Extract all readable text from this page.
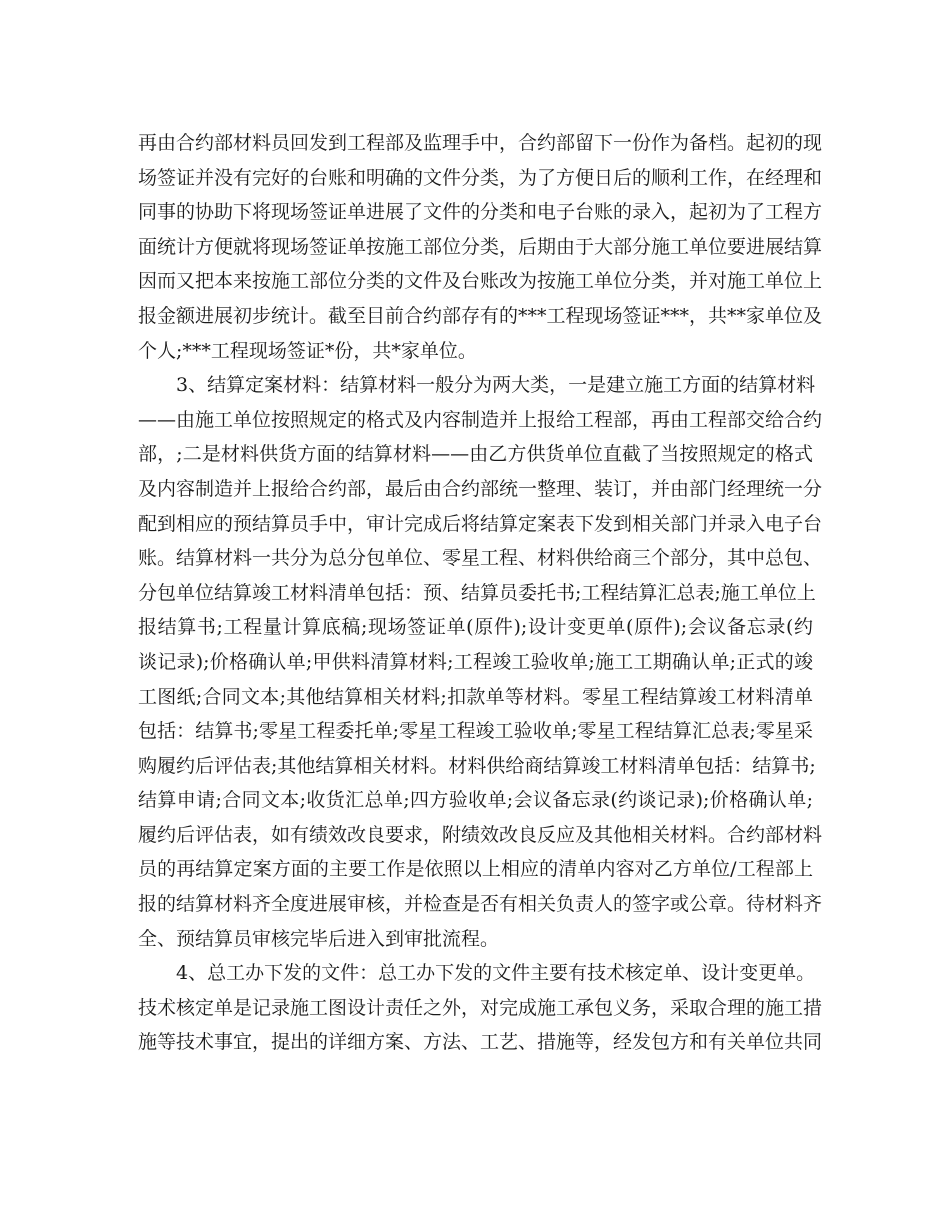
再由合约部材料员回发到工程部及监理手中，合约部留下一份作为备档。起初的现
场签证并没有完好的台账和明确的文件分类，为了方便日后的顺利工作，在经理和
同事的协助下将现场签证单进展了文件的分类和电子台账的录入，起初为了工程方
面统计方便就将现场签证单按施工部位分类，后期由于大部分施工单位要进展结算
因而又把本来按施工部位分类的文件及台账改为按施工单位分类，并对施工单位上
报金额进展初步统计。截至目前合约部存有的***工程现场签证***，共**家单位及
个人;***工程现场签证*份，共*家单位。
3、结算定案材料：结算材料一般分为两大类，一是建立施工方面的结算材料
——由施工单位按照规定的格式及内容制造并上报给工程部，再由工程部交给合约
部，;二是材料供货方面的结算材料——由乙方供货单位直截了当按照规定的格式
及内容制造并上报给合约部，最后由合约部统一整理、装订，并由部门经理统一分
配到相应的预结算员手中，审计完成后将结算定案表下发到相关部门并录入电子台
账。结算材料一共分为总分包单位、零星工程、材料供给商三个部分，其中总包、
分包单位结算竣工材料清单包括：预、结算员委托书;工程结算汇总表;施工单位上
报结算书;工程量计算底稿;现场签证单(原件);设计变更单(原件);会议备忘录(约
谈记录);价格确认单;甲供料清算材料;工程竣工验收单;施工工期确认单;正式的竣
工图纸;合同文本;其他结算相关材料;扣款单等材料。零星工程结算竣工材料清单
包括：结算书;零星工程委托单;零星工程竣工验收单;零星工程结算汇总表;零星采
购履约后评估表;其他结算相关材料。材料供给商结算竣工材料清单包括：结算书;
结算申请;合同文本;收货汇总单;四方验收单;会议备忘录(约谈记录);价格确认单;
履约后评估表，如有绩效改良要求，附绩效改良反应及其他相关材料。合约部材料
员的再结算定案方面的主要工作是依照以上相应的清单内容对乙方单位/工程部上
报的结算材料齐全度进展审核，并检查是否有相关负责人的签字或公章。待材料齐
全、预结算员审核完毕后进入到审批流程。
4、总工办下发的文件：总工办下发的文件主要有技术核定单、设计变更单。
技术核定单是记录施工图设计责任之外，对完成施工承包义务，采取合理的施工措
施等技术事宜，提出的详细方案、方法、工艺、措施等，经发包方和有关单位共同
